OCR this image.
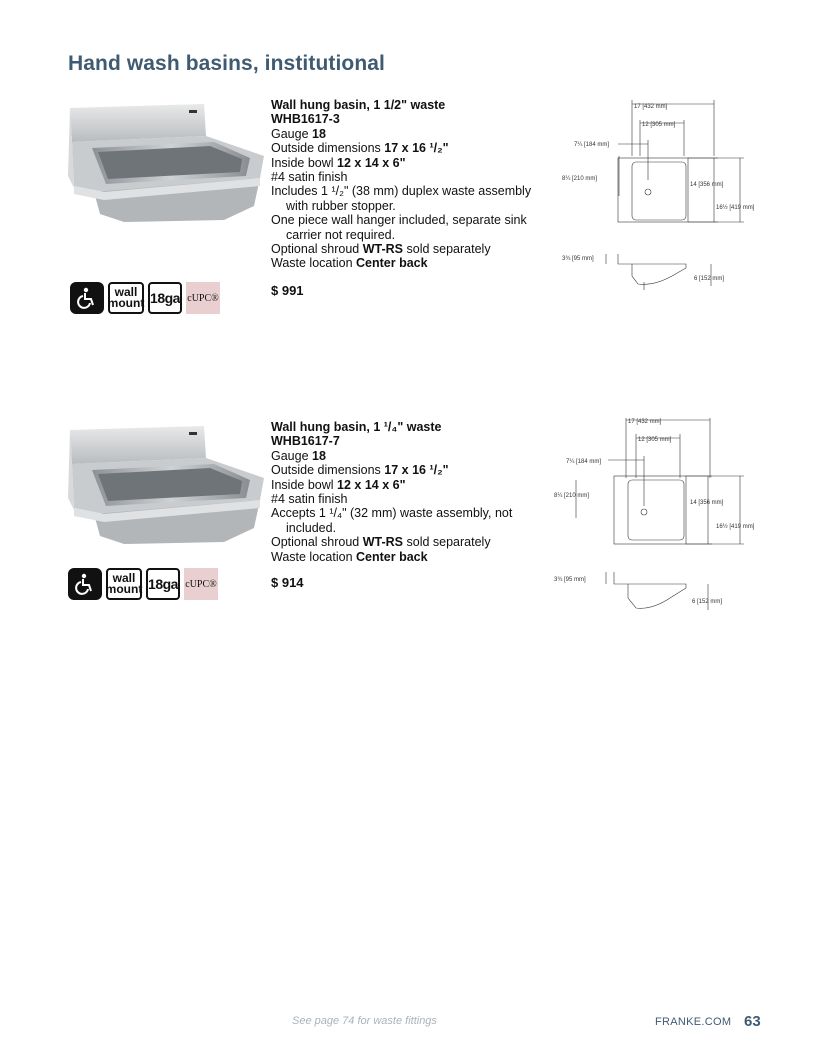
Hand wash basins, institutional
wall
mount 18ga cUPC®
Wall hung basin, 1 1/2" waste
WHB1617-3
Gauge 18
Outside dimensions 17 x 16 ¹/₂"
Inside bowl 12 x 14 x 6"
#4 satin finish
Includes 1 ¹/₂" (38 mm) duplex waste assembly
with rubber stopper.
One piece wall hanger included, separate sink
carrier not required.
Optional shroud WT-RS sold separately
Waste location Center back
$ 991
17 [432 mm]
12 [305 mm]
7¼ [184 mm]
8¼ [210 mm]
14 [356 mm]
16½ [419 mm]
3¾ [95 mm]
6 [152 mm]
wall
mount 18ga cUPC®
Wall hung basin, 1 ¹/₄" waste
WHB1617-7
Gauge 18
Outside dimensions 17 x 16 ¹/₂"
Inside bowl 12 x 14 x 6"
#4 satin finish
Accepts 1 ¹/₄" (32 mm) waste assembly, not
included.
Optional shroud WT-RS sold separately
Waste location Center back
$ 914
17 [432 mm]
12 [305 mm]
7¼ [184 mm]
8¼ [210 mm]
14 [356 mm]
16½ [419 mm]
3¾ [95 mm]
6 [152 mm]
See page 74 for waste fittings	FRANKE.COM 63
